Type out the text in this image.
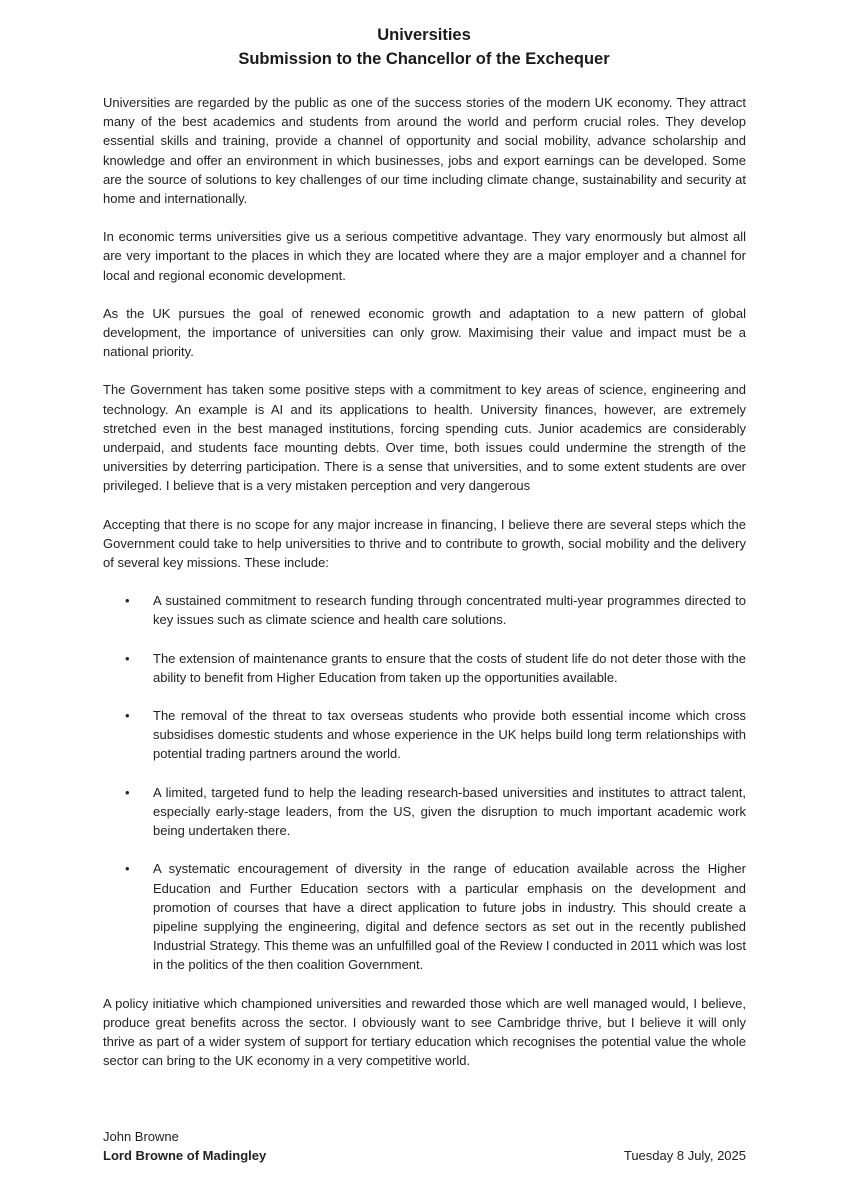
Universities
Submission to the Chancellor of the Exchequer

Universities are regarded by the public as one of the success stories of the modern UK economy. They attract many of the best academics and students from around the world and perform crucial roles. They develop essential skills and training, provide a channel of opportunity and social mobility, advance scholarship and knowledge and offer an environment in which businesses, jobs and export earnings can be developed. Some are the source of solutions to key challenges of our time including climate change, sustainability and security at home and internationally.

In economic terms universities give us a serious competitive advantage. They vary enormously but almost all are very important to the places in which they are located where they are a major employer and a channel for local and regional economic development.

As the UK pursues the goal of renewed economic growth and adaptation to a new pattern of global development, the importance of universities can only grow. Maximising their value and impact must be a national priority.

The Government has taken some positive steps with a commitment to key areas of science, engineering and technology. An example is AI and its applications to health. University finances, however, are extremely stretched even in the best managed institutions, forcing spending cuts. Junior academics are considerably underpaid, and students face mounting debts. Over time, both issues could undermine the strength of the universities by deterring participation. There is a sense that universities, and to some extent students are over privileged. I believe that is a very mistaken perception and very dangerous

Accepting that there is no scope for any major increase in financing, I believe there are several steps which the Government could take to help universities to thrive and to contribute to growth, social mobility and the delivery of several key missions. These include:

• A sustained commitment to research funding through concentrated multi-year programmes directed to key issues such as climate science and health care solutions.
• The extension of maintenance grants to ensure that the costs of student life do not deter those with the ability to benefit from Higher Education from taken up the opportunities available.
• The removal of the threat to tax overseas students who provide both essential income which cross subsidises domestic students and whose experience in the UK helps build long term relationships with potential trading partners around the world.
• A limited, targeted fund to help the leading research-based universities and institutes to attract talent, especially early-stage leaders, from the US, given the disruption to much important academic work being undertaken there.
• A systematic encouragement of diversity in the range of education available across the Higher Education and Further Education sectors with a particular emphasis on the development and promotion of courses that have a direct application to future jobs in industry. This should create a pipeline supplying the engineering, digital and defence sectors as set out in the recently published Industrial Strategy. This theme was an unfulfilled goal of the Review I conducted in 2011 which was lost in the politics of the then coalition Government.

A policy initiative which championed universities and rewarded those which are well managed would, I believe, produce great benefits across the sector. I obviously want to see Cambridge thrive, but I believe it will only thrive as part of a wider system of support for tertiary education which recognises the potential value the whole sector can bring to the UK economy in a very competitive world.

John Browne
Lord Browne of Madingley	Tuesday 8 July, 2025
